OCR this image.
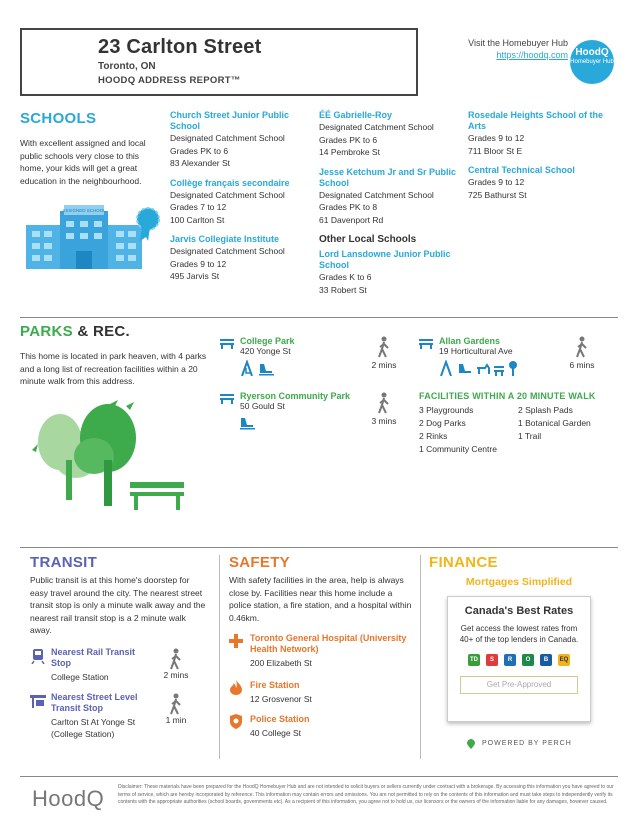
23 Carlton Street
Toronto, ON
HOODQ ADDRESS REPORT™
Visit the Homebuyer Hub
https://hoodq.com HoodQ
Homebuyer Hub
SCHOOLS
With excellent assigned and local public schools very close to this home, your kids will get a great education in the neighbourhood.
ASSIGNED SCHOOL
Church Street Junior Public School
Designated Catchment School
Grades PK to 6
83 Alexander St
Collège français secondaire
Designated Catchment School
Grades 7 to 12
100 Carlton St
Jarvis Collegiate Institute
Designated Catchment School
Grades 9 to 12
495 Jarvis St
ÉÉ Gabrielle-Roy
Designated Catchment School
Grades PK to 6
14 Pembroke St
Jesse Ketchum Jr and Sr Public School
Designated Catchment School
Grades PK to 8
61 Davenport Rd
Other Local Schools
Lord Lansdowne Junior Public School
Grades K to 6
33 Robert St
Rosedale Heights School of the Arts
Grades 9 to 12
711 Bloor St E
Central Technical School
Grades 9 to 12
725 Bathurst St
PARKS & REC.
This home is located in park heaven, with 4 parks and a long list of recreation facilities within a 20 minute walk from this address.
College Park
420 Yonge St
2 mins
Allan Gardens
19 Horticultural Ave
6 mins
Ryerson Community Park
50 Gould St
3 mins
FACILITIES WITHIN A 20 MINUTE WALK
3 Playgrounds
2 Dog Parks
2 Rinks
1 Community Centre
2 Splash Pads
1 Botanical Garden
1 Trail
TRANSIT
Public transit is at this home's doorstep for easy travel around the city. The nearest street transit stop is only a minute walk away and the nearest rail transit stop is a 2 minute walk away.
Nearest Rail Transit Stop
College Station	2 mins
Nearest Street Level Transit Stop
Carlton St At Yonge St (College Station)
1 min
SAFETY
With safety facilities in the area, help is always close by. Facilities near this home include a police station, a fire station, and a hospital within 0.46km.
Toronto General Hospital (University Health Network)
200 Elizabeth St
Fire Station
12 Grosvenor St
Police Station
40 College St
FINANCE
Mortgages Simplified
Canada's Best Rates

Get access the lowest rates from 40+ of the top lenders in Canada.

TD	S	R	O	B	EQ
Get Pre-Approved
POWERED BY PERCH
HoodQ	Disclaimer: These materials have been prepared for the HoodQ Homebuyer Hub and are not intended to solicit buyers or sellers currently under contract with a brokerage. By accessing this information you have agreed to our terms of service, which are hereby incorporated by reference. This information may contain errors and omissions. You are not permitted to rely on the contents of this information and must take steps to independently verify its contents with the appropriate authorities (school boards, governments etc). As a recipient of this information, you agree not to hold us, our licensors or the owners of the information liable for any damages, however caused.
